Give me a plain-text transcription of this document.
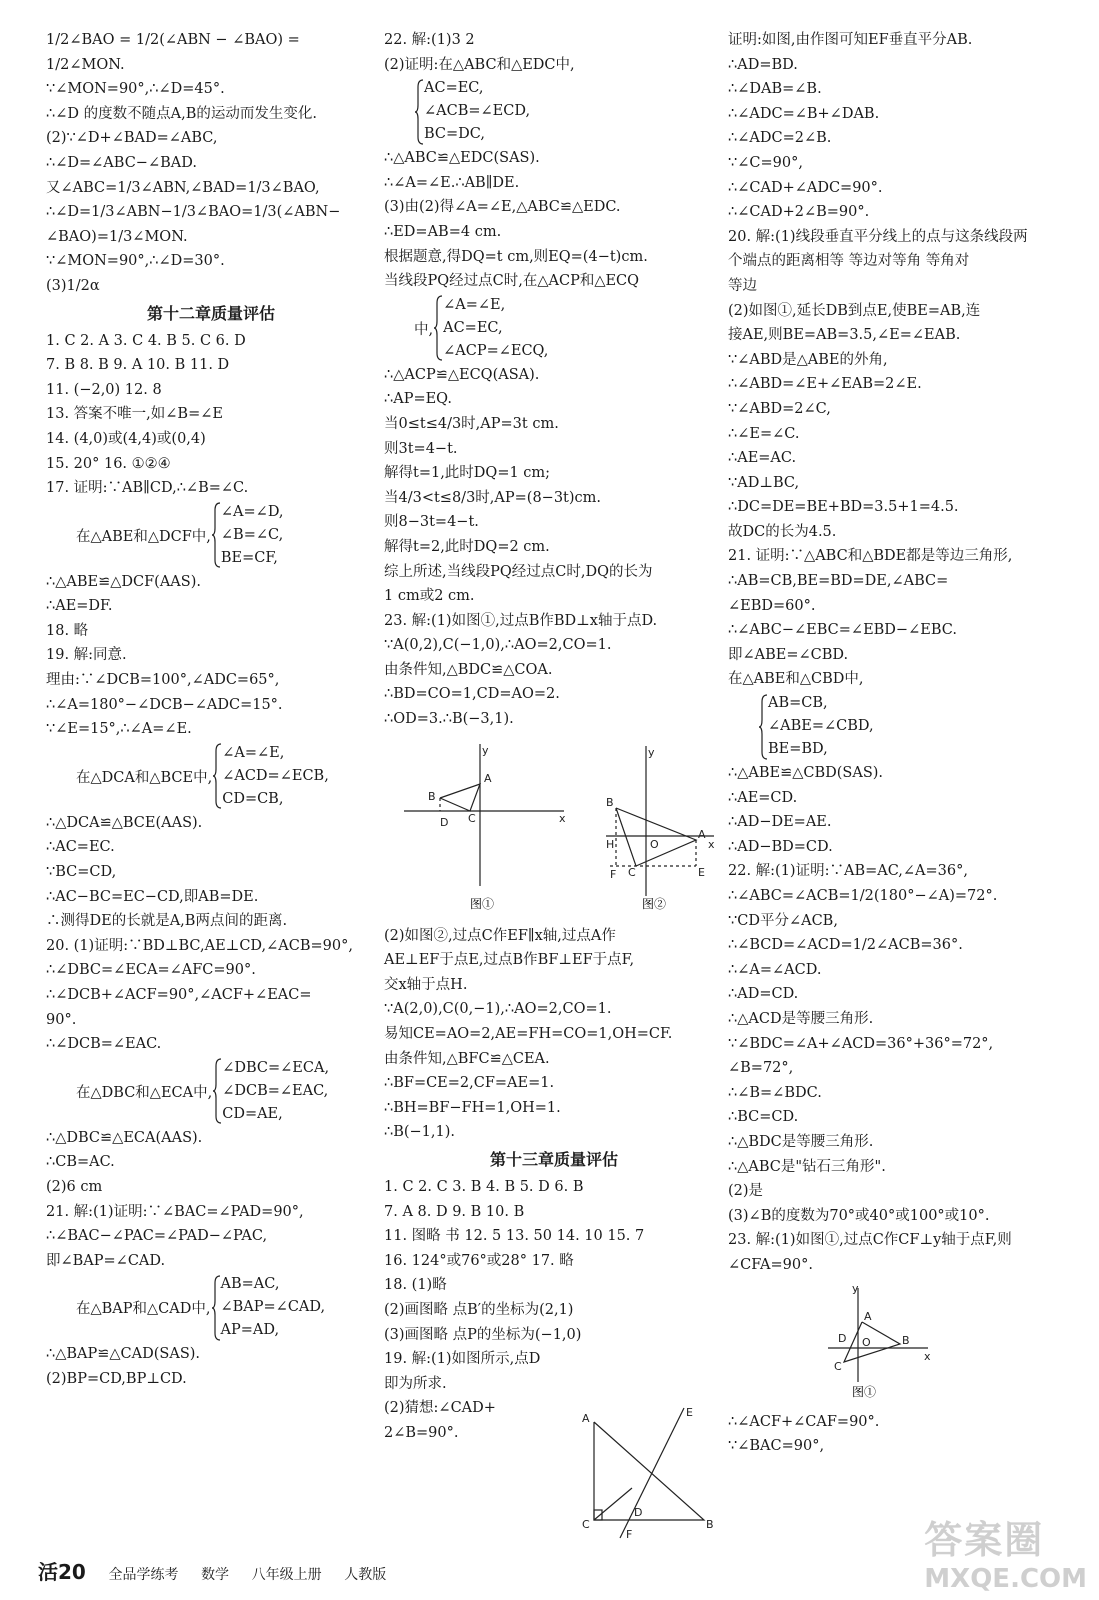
1/2∠BAO = 1/2(∠ABN − ∠BAO) =
1/2∠MON.
∵∠MON=90°,∴∠D=45°.
∴∠D 的度数不随点A,B的运动而发生变化.
(2)∵∠D+∠BAD=∠ABC,
∴∠D=∠ABC−∠BAD.
又∠ABC=1/3∠ABN,∠BAD=1/3∠BAO,
∴∠D=1/3∠ABN−1/3∠BAO=1/3(∠ABN−
∠BAO)=1/3∠MON.
∵∠MON=90°,∴∠D=30°.
(3)1/2α
第十二章质量评估
1. C 2. A 3. C 4. B 5. C 6. D
7. B 8. B 9. A 10. B 11. D
11. (−2,0) 12. 8
13. 答案不唯一,如∠B=∠E
14. (4,0)或(4,4)或(0,4)
15. 20° 16. ①②④
17. 证明:∵AB∥CD,∴∠B=∠C.
在△ABE和△DCF中,
∠A=∠D,
∠B=∠C,
BE=CF,
∴△ABE≌△DCF(AAS).
∴AE=DF.
18. 略
19. 解:同意.
理由:∵∠DCB=100°,∠ADC=65°,
∴∠A=180°−∠DCB−∠ADC=15°.
∵∠E=15°,∴∠A=∠E.
在△DCA和△BCE中,
∠A=∠E,
∠ACD=∠ECB,
CD=CB,
∴△DCA≌△BCE(AAS).
∴AC=EC.
∵BC=CD,
∴AC−BC=EC−CD,即AB=DE.
∴测得DE的长就是A,B两点间的距离.
20. (1)证明:∵BD⊥BC,AE⊥CD,∠ACB=90°,
∴∠DBC=∠ECA=∠AFC=90°.
∴∠DCB+∠ACF=90°,∠ACF+∠EAC=
90°.
∴∠DCB=∠EAC.
在△DBC和△ECA中,
∠DBC=∠ECA,
∠DCB=∠EAC,
CD=AE,
∴△DBC≌△ECA(AAS).
∴CB=AC.
(2)6 cm
21. 解:(1)证明:∵∠BAC=∠PAD=90°,
∴∠BAC−∠PAC=∠PAD−∠PAC,
即∠BAP=∠CAD.
在△BAP和△CAD中,
AB=AC,
∠BAP=∠CAD,
AP=AD,
∴△BAP≌△CAD(SAS).
(2)BP=CD,BP⊥CD.
22. 解:(1)3 2
(2)证明:在△ABC和△EDC中,
AC=EC,
∠ACB=∠ECD,
BC=DC,
∴△ABC≌△EDC(SAS).
∴∠A=∠E.∴AB∥DE.
(3)由(2)得∠A=∠E,△ABC≌△EDC.
∴ED=AB=4 cm.
根据题意,得DQ=t cm,则EQ=(4−t)cm.
当线段PQ经过点C时,在△ACP和△ECQ
中,
∠A=∠E,
AC=EC,
∠ACP=∠ECQ,
∴△ACP≌△ECQ(ASA).
∴AP=EQ.
当0≤t≤4/3时,AP=3t cm.
则3t=4−t.
解得t=1,此时DQ=1 cm;
当4/3<t≤8/3时,AP=(8−3t)cm.
则8−3t=4−t.
解得t=2,此时DQ=2 cm.
综上所述,当线段PQ经过点C时,DQ的长为
1 cm或2 cm.
23. 解:(1)如图①,过点B作BD⊥x轴于点D.
∵A(0,2),C(−1,0),∴AO=2,CO=1.
由条件知,△BDC≌△COA.
∴BD=CO=1,CD=AO=2.
∴OD=3.∴B(−3,1).
y
x
B
A
C
D
y
x
B
A
C
H	O
F	E
图①	图②
(2)如图②,过点C作EF∥x轴,过点A作
AE⊥EF于点E,过点B作BF⊥EF于点F,
交x轴于点H.
∵A(2,0),C(0,−1),∴AO=2,CO=1.
易知CE=AO=2,AE=FH=CO=1,OH=CF.
由条件知,△BFC≌△CEA.
∴BF=CE=2,CF=AE=1.
∴BH=BF−FH=1,OH=1.
∴B(−1,1).
第十三章质量评估
1. C 2. C 3. B 4. B 5. D 6. B
7. A 8. D 9. B 10. B
11. 图略 书 12. 5 13. 50 14. 10 15. 7
16. 124°或76°或28° 17. 略
18. (1)略
(2)画图略 点B′的坐标为(2,1)
(3)画图略 点P的坐标为(−1,0)
19. 解:(1)如图所示,点D
即为所求.
(2)猜想:∠CAD+
2∠B=90°.
A
C	B
D
E
F
证明:如图,由作图可知EF垂直平分AB.
∴AD=BD.
∴∠DAB=∠B.
∴∠ADC=∠B+∠DAB.
∴∠ADC=2∠B.
∵∠C=90°,
∴∠CAD+∠ADC=90°.
∴∠CAD+2∠B=90°.
20. 解:(1)线段垂直平分线上的点与这条线段两
个端点的距离相等 等边对等角 等角对
等边
(2)如图①,延长DB到点E,使BE=AB,连
接AE,则BE=AB=3.5,∠E=∠EAB.
∵∠ABD是△ABE的外角,
∴∠ABD=∠E+∠EAB=2∠E.
∵∠ABD=2∠C,
∴∠E=∠C.
∴AE=AC.
∵AD⊥BC,
∴DC=DE=BE+BD=3.5+1=4.5.
故DC的长为4.5.
21. 证明:∵△ABC和△BDE都是等边三角形,
∴AB=CB,BE=BD=DE,∠ABC=
∠EBD=60°.
∴∠ABC−∠EBC=∠EBD−∠EBC.
即∠ABE=∠CBD.
在△ABE和△CBD中,
AB=CB,
∠ABE=∠CBD,
BE=BD,
∴△ABE≌△CBD(SAS).
∴AE=CD.
∴AD−DE=AE.
∴AD−BD=CD.
22. 解:(1)证明:∵AB=AC,∠A=36°,
∴∠ABC=∠ACB=1/2(180°−∠A)=72°.
∵CD平分∠ACB,
∴∠BCD=∠ACD=1/2∠ACB=36°.
∴∠A=∠ACD.
∴AD=CD.
∴△ACD是等腰三角形.
∵∠BDC=∠A+∠ACD=36°+36°=72°,
∠B=72°,
∴∠B=∠BDC.
∴BC=CD.
∴△BDC是等腰三角形.
∴△ABC是"钻石三角形".
(2)是
(3)∠B的度数为70°或40°或100°或10°.
23. 解:(1)如图①,过点C作CF⊥y轴于点F,则
∠CFA=90°.
y
x
A
B
C
D O
图①
∴∠ACF+∠CAF=90°.
∵∠BAC=90°,
活20 全品学练考 数学 八年级上册 人教版
答案圈
MXQE.COM
